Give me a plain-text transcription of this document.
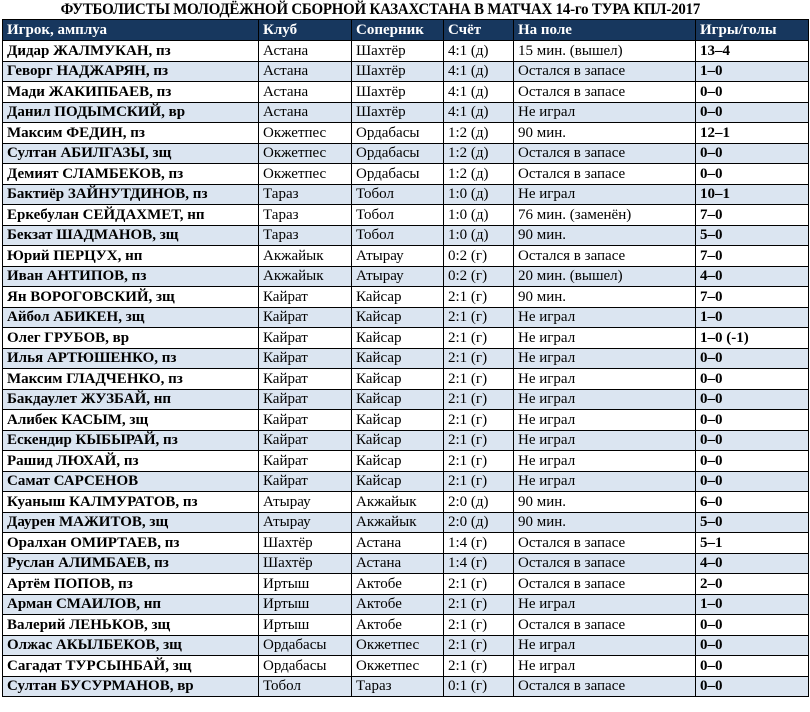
ФУТБОЛИСТЫ МОЛОДЁЖНОЙ СБОРНОЙ КАЗАХСТАНА В МАТЧАХ 14-го ТУРА КПЛ-2017
Игрок, амплуа	Клуб	Соперник	Счёт	На поле	Игры/голы
Дидар ЖАЛМУКАН, пз	Астана	Шахтёр	4:1 (д)	15 мин. (вышел)	13–4
Геворг НАДЖАРЯН, пз	Астана	Шахтёр	4:1 (д)	Остался в запасе	1–0
Мади ЖАКИПБАЕВ, пз	Астана	Шахтёр	4:1 (д)	Остался в запасе	0–0
Данил ПОДЫМСКИЙ, вр	Астана	Шахтёр	4:1 (д)	Не играл	0–0
Максим ФЕДИН, пз	Окжетпес	Ордабасы	1:2 (д)	90 мин.	12–1
Султан АБИЛГАЗЫ, зщ	Окжетпес	Ордабасы	1:2 (д)	Остался в запасе	0–0
Демият СЛАМБЕКОВ, пз	Окжетпес	Ордабасы	1:2 (д)	Остался в запасе	0–0
Бактиёр ЗАЙНУТДИНОВ, пз	Тараз	Тобол	1:0 (д)	Не играл	10–1
Еркебулан СЕЙДАХМЕТ, нп	Тараз	Тобол	1:0 (д)	76 мин. (заменён)	7–0
Бекзат ШАДМАНОВ, зщ	Тараз	Тобол	1:0 (д)	90 мин.	5–0
Юрий ПЕРЦУХ, нп	Акжайык	Атырау	0:2 (г)	Остался в запасе	7–0
Иван АНТИПОВ, пз	Акжайык	Атырау	0:2 (г)	20 мин. (вышел)	4–0
Ян ВОРОГОВСКИЙ, зщ	Кайрат	Кайсар	2:1 (г)	90 мин.	7–0
Айбол АБИКЕН, зщ	Кайрат	Кайсар	2:1 (г)	Не играл	1–0
Олег ГРУБОВ, вр	Кайрат	Кайсар	2:1 (г)	Не играл	1–0 (-1)
Илья АРТЮШЕНКО, пз	Кайрат	Кайсар	2:1 (г)	Не играл	0–0
Максим ГЛАДЧЕНКО, пз	Кайрат	Кайсар	2:1 (г)	Не играл	0–0
Бакдаулет ЖУЗБАЙ, нп	Кайрат	Кайсар	2:1 (г)	Не играл	0–0
Алибек КАСЫМ, зщ	Кайрат	Кайсар	2:1 (г)	Не играл	0–0
Ескендир КЫБЫРАЙ, пз	Кайрат	Кайсар	2:1 (г)	Не играл	0–0
Рашид ЛЮХАЙ, пз	Кайрат	Кайсар	2:1 (г)	Не играл	0–0
Самат САРСЕНОВ	Кайрат	Кайсар	2:1 (г)	Не играл	0–0
Куаныш КАЛМУРАТОВ, пз	Атырау	Акжайык	2:0 (д)	90 мин.	6–0
Даурен МАЖИТОВ, зщ	Атырау	Акжайык	2:0 (д)	90 мин.	5–0
Оралхан ОМИРТАЕВ, пз	Шахтёр	Астана	1:4 (г)	Остался в запасе	5–1
Руслан АЛИМБАЕВ, пз	Шахтёр	Астана	1:4 (г)	Остался в запасе	4–0
Артём ПОПОВ, пз	Иртыш	Актобе	2:1 (г)	Остался в запасе	2–0
Арман СМАИЛОВ, нп	Иртыш	Актобе	2:1 (г)	Не играл	1–0
Валерий ЛЕНЬКОВ, зщ	Иртыш	Актобе	2:1 (г)	Остался в запасе	0–0
Олжас АКЫЛБЕКОВ, зщ	Ордабасы	Окжетпес	2:1 (г)	Не играл	0–0
Сагадат ТУРСЫНБАЙ, зщ	Ордабасы	Окжетпес	2:1 (г)	Не играл	0–0
Султан БУСУРМАНОВ, вр	Тобол	Тараз	0:1 (г)	Остался в запасе	0–0
